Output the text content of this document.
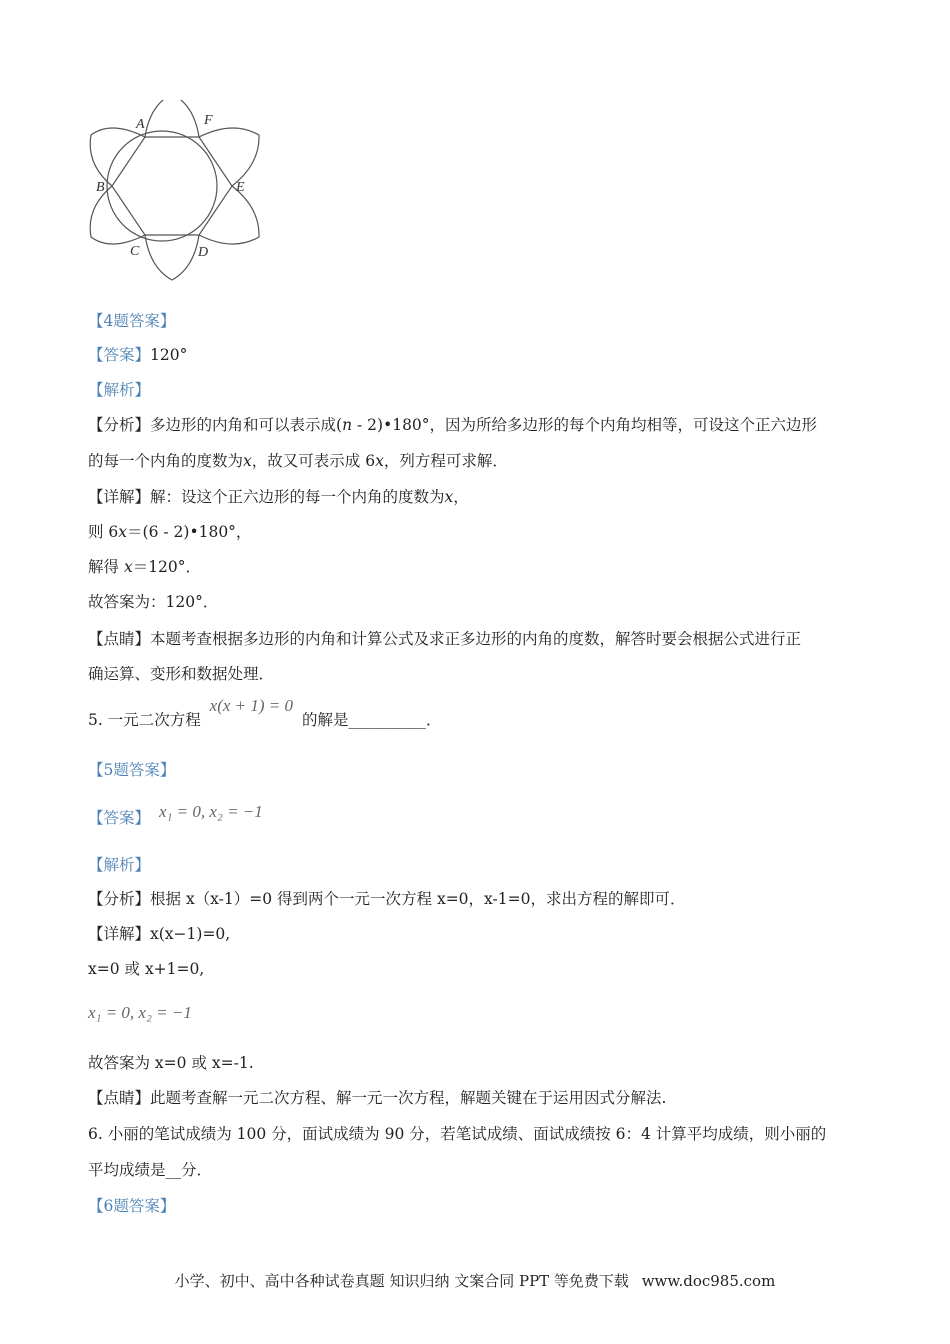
A	F
B	E
C	D
【4题答案】
【答案】120°
【解析】
【分析】多边形的内角和可以表示成(n - 2)•180°，因为所给多边形的每个内角均相等，可设这个正六边形
的每一个内角的度数为x，故又可表示成 6x，列方程可求解．
【详解】解：设这个正六边形的每一个内角的度数为x，
则 6x＝(6 - 2)•180°，
解得 x＝120°．
故答案为：120°．
【点睛】本题考查根据多边形的内角和计算公式及求正多边形的内角的度数，解答时要会根据公式进行正
确运算、变形和数据处理．
5. 一元二次方程 x(x + 1) = 0 的解是__________．
【5题答案】
【答案】 x₁ = 0, x₂ = −1
【解析】
【分析】根据 x（x-1）=0 得到两个一元一次方程 x=0，x-1=0，求出方程的解即可．
【详解】x(x−1)=0,
x=0 或 x+1=0,
x₁ = 0, x₂ = −1
故答案为 x=0 或 x=-1.
【点睛】此题考查解一元二次方程、解一元一次方程，解题关键在于运用因式分解法.
6. 小丽的笔试成绩为 100 分，面试成绩为 90 分，若笔试成绩、面试成绩按 6：4 计算平均成绩，则小丽的
平均成绩是__分．
【6题答案】
小学、初中、高中各种试卷真题 知识归纳 文案合同 PPT 等免费下载 www.doc985.com
